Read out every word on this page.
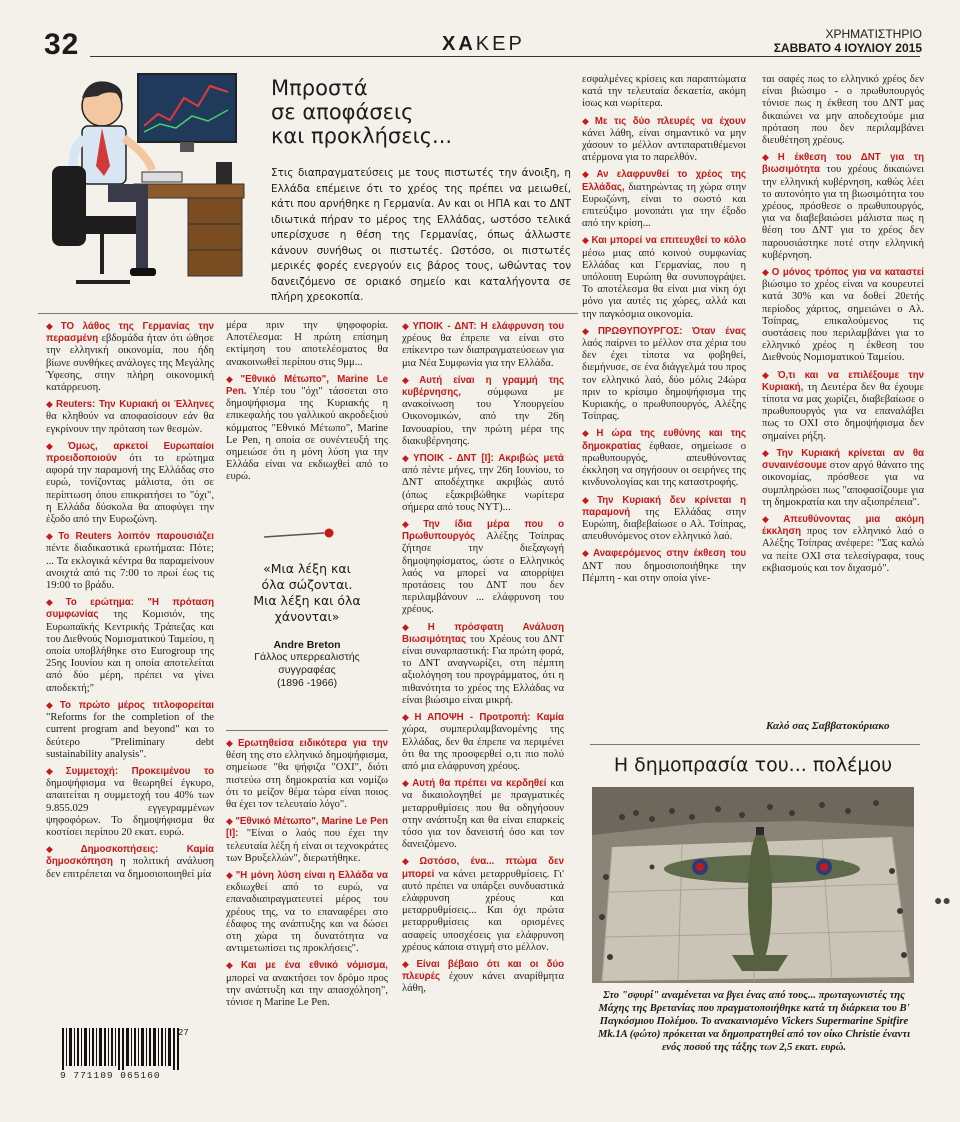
32	ΧΑΚΕΡ	ΧΡΗΜΑΤΙΣΤΗΡΙΟ
ΣΑΒΒΑΤΟ 4 ΙΟΥΛΙΟΥ 2015
Μπροστά
σε αποφάσεις
και προκλήσεις...
Στις διαπραγματεύσεις με τους πιστωτές την άνοιξη, η Ελλάδα επέμεινε ότι το χρέος της πρέπει να μειωθεί, κάτι που αρνήθηκε η Γερμανία. Αν και οι ΗΠΑ και το ΔΝΤ ιδιωτικά πήραν το μέρος της Ελλάδας, ωστόσο τελικά υπερίσχυσε η θέση της Γερμανίας, όπως άλλωστε κάνουν συνήθως οι πιστωτές. Ωστόσο, οι πιστωτές μερικές φορές ενεργούν εις βάρος τους, ωθώντας τον δανειζόμενο σε οριακό σημείο και καταλήγοντα σε πλήρη χρεοκοπία.

◆ ΤΟ λάθος της Γερμανίας την περασμένη εβδομάδα ήταν ότι ώθησε την ελληνική οικονομία, που ήδη βίωνε συνθήκες ανάλογες της Μεγάλης Ύφεσης, στην πλήρη οικονομική κατάρρευση.

◆ Reuters: Την Κυριακή οι Έλληνες θα κληθούν να αποφασίσουν εάν θα εγκρίνουν την πρόταση των θεσμών.

◆ Όμως, αρκετοί Ευρωπαίοι προειδοποιούν ότι το ερώτημα αφορά την παραμονή της Ελλάδας στο ευρώ, τονίζοντας μάλιστα, ότι σε περίπτωση όπου επικρατήσει το "όχι", η Ελλάδα δύσκολα θα αποφύγει την έξοδο από την Ευρωζώνη.

◆ Το Reuters λοιπόν παρουσιάζει πέντε διαδικαστικά ερωτήματα: Πότε; ... Τα εκλογικά κέντρα θα παραμείνουν ανοιχτά από τις 7:00 το πρωί έως τις 19:00 το βράδυ.

◆ Το ερώτημα: "Η πρόταση συμφωνίας της Κομισιόν, της Ευρωπαϊκής Κεντρικής Τράπεζας και του Διεθνούς Νομισματικού Ταμείου, η οποία υποβλήθηκε στο Eurogroup της 25ης Ιουνίου και η οποία αποτελείται από δύο μέρη, πρέπει να γίνει αποδεκτή;"

◆ Το πρώτο μέρος τιτλοφορείται "Reforms for the completion of the current program and beyond" και το δεύτερο "Preliminary debt sustainability analysis".

◆ Συμμετοχή: Προκειμένου το δημοψήφισμα να θεωρηθεί έγκυρο, απαιτείται η συμμετοχή του 40% των 9.855.029 εγγεγραμμένων ψηφοφόρων. Το δημοψήφισμα θα κοστίσει περίπου 20 εκατ. ευρώ.

◆ Δημοσκοπήσεις: Καμία δημοσκόπηση η πολιτική ανάλυση δεν επιτρέπεται να δημοσιοποιηθεί μία

9 771109 065160
27

μέρα πριν την ψηφοφορία. Αποτέλεσμα: Η πρώτη επίσημη εκτίμηση του αποτελέσματος θα ανακοινωθεί περίπου στις 9μμ...

◆ "Εθνικό Μέτωπο", Marine Le Pen. Υπέρ του "όχι" τάσσεται στο δημοψήφισμα της Κυριακής η επικεφαλής του γαλλικού ακροδεξιού κόμματος "Εθνικό Μέτωπο", Marine Le Pen, η οποία σε συνέντευξή της σημειώσε ότι η μόνη λύση για την Ελλάδα είναι να εκδιωχθεί από το ευρώ.

«Μια λέξη και
όλα σώζονται.
Μια λέξη και όλα
χάνονται»
Andre Breton
Γάλλος υπερρεαλιστής
συγγραφέας
(1896 -1966)

◆ Ερωτηθείσα ειδικότερα για την θέση της στο ελληνικό δημοψήφισμα, σημείωσε "θα ψήφιζα "ΟΧΙ", διότι πιστεύω στη δημοκρατία και νομίζω ότι το μείζον θέμα τώρα είναι ποιος θα έχει τον τελευταίο λόγο".

◆ "Εθνικό Μέτωπο", Marine Le Pen [I]: "Είναι ο λαός που έχει την τελευταία λέξη ή είναι οι τεχνοκράτες των Βρυξελλών", διερωτήθηκε.

◆ "Η μόνη λύση είναι η Ελλάδα να εκδιωχθεί από το ευρώ, να επαναδιαπραγματευτεί μέρος του χρέους της, να το επαναφέρει στο έδαφος της ανάπτυξης και να δώσει στη χώρα τη δυνατότητα να αντιμετωπίσει τις προκλήσεις".

◆ Και με ένα εθνικό νόμισμα, μπορεί να ανακτήσει τον δρόμο προς την ανάπτυξη και την απασχόληση", τόνισε η Marine Le Pen.

◆ ΥΠΟΙΚ - ΔΝΤ: Η ελάφρυνση του χρέους θα έπρεπε να είναι στο επίκεντρο των διαπραγματεύσεων για μια Νέα Συμφωνία για την Ελλάδα.

◆ Αυτή είναι η γραμμή της κυβέρνησης, σύμφωνα με ανακοίνωση του Υπουργείου Οικονομικών, από την 26η Ιανουαρίου, την πρώτη μέρα της διακυβέρνησης.

◆ ΥΠΟΙΚ - ΔΝΤ [I]: Ακριβώς μετά από πέντε μήνες, την 26η Ιουνίου, το ΔΝΤ αποδέχτηκε ακριβώς αυτό (όπως εξακριβώθηκε νωρίτερα σήμερα από τους ΝΥΤ)...

◆ Την ίδια μέρα που ο Πρωθυπουργός Αλέξης Τσίπρας ζήτησε την διεξαγωγή δημοψηφίσματος, ώστε ο Ελληνικός λαός να μπορεί να απορρίψει προτάσεις του ΔΝΤ που δεν περιλαμβάνουν ... ελάφρυνση του χρέους.

◆ Η πρόσφατη Ανάλυση Βιωσιμότητας του Χρέους του ΔΝΤ είναι συναρπαστική: Για πρώτη φορά, το ΔΝΤ αναγνωρίζει, στη πέμπτη αξιολόγηση του προγράμματος, ότι η πιθανότητα το χρέος της Ελλάδας να είναι βιώσιμο είναι μικρή.

◆ Η ΑΠΟΨΗ - Προτροπή: Καμία χώρα, συμπεριλαμβανομένης της Ελλάδας, δεν θα έπρεπε να περιμένει ότι θα της προσφερθεί ο,τι πιο πολύ από μια ελάφρυνση χρέους.

◆ Αυτή θα πρέπει να κερδηθεί και να δικαιολογηθεί με πραγματικές μεταρρυθμίσεις που θα οδηγήσουν στην ανάπτυξη και θα είναι επαρκείς τόσο για τον δανειστή όσο και τον δανειζόμενο.

◆ Ωστόσο, ένα... πτώμα δεν μπορεί να κάνει μεταρρυθμίσεις. Γι' αυτό πρέπει να υπάρξει συνδυαστικά ελάφρυνση χρέους και μεταρρυθμίσεις... Και όχι πρώτα μεταρρυθμίσεις και ορισμένες ασαφείς υποσχέσεις για ελάφρυνση χρέους κάποια στιγμή στο μέλλον.

◆ Είναι βέβαιο ότι και οι δύο πλευρές έχουν κάνει αναρίθμητα λάθη,

εσφαλμένες κρίσεις και παραπτώματα κατά την τελευταία δεκαετία, ακόμη ίσως και νωρίτερα.

◆ Με τις δύο πλευρές να έχουν κάνει λάθη, είναι σημαντικό να μην χάσουν το μέλλον αντιπαρατιθέμενοι ατέρμονα για το παρελθόν.

◆ Αν ελαφρυνθεί το χρέος της Ελλάδας, διατηρώντας τη χώρα στην Ευρωζώνη, είναι το σωστό και επιτεύξιμο μονοπάτι για την έξοδο από την κρίση...

◆ Και μπορεί να επιτευχθεί το κόλο μέσω μιας από κοινού συμφωνίας Ελλάδας και Γερμανίας, που η υπόλοιπη Ευρώπη θα συνυπογράψει. Το αποτέλεσμα θα είναι μια νίκη όχι μόνο για αυτές τις χώρες, αλλά και την παγκόσμια οικονομία.

◆ ΠΡΩΘΥΠΟΥΡΓΟΣ: Όταν ένας λαός παίρνει το μέλλον στα χέρια του δεν έχει τίποτα να φοβηθεί, διεμήνυσε, σε ένα διάγγελμά του προς τον ελληνικό λαό, δύο μόλις 24ώρα πριν το κρίσιμο δημοψήφισμα της Κυριακής, ο πρωθυπουργός, Αλέξης Τσίπρας.

◆ Η ώρα της ευθύνης και της δημοκρατίας έφθασε, σημείωσε ο πρωθυπουργός, απευθύνοντας έκκληση να σηγήσουν οι σειρήνες της κινδυνολογίας και της καταστροφής.

◆ Την Κυριακή δεν κρίνεται η παραμονή της Ελλάδας στην Ευρώπη, διαβεβαίωσε ο Αλ. Τσίπρας, απευθυνόμενος στον ελληνικό λαό.

◆ Αναφερόμενος στην έκθεση του ΔΝΤ που δημοσιοποιήθηκε την Πέμπτη - και στην οποία γίνε-

ται σαφές πως το ελληνικό χρέος δεν είναι βιώσιμο - ο πρωθυπουργός τόνισε πως η έκθεση του ΔΝΤ μας δικαιώνει να μην αποδεχτούμε μια πρόταση που δεν περιλαμβάνει διευθέτηση χρέους.

◆ Η έκθεση του ΔΝΤ για τη βιωσιμότητα του χρέους δικαιώνει την ελληνική κυβέρνηση, καθώς λέει το αυτονόητο για τη βιωσιμότητα του χρέους, πρόσθεσε ο πρωθυπουργός, για να διαβεβαιώσει μάλιστα πως η θέση του ΔΝΤ για το χρέος δεν παρουσιάστηκε ποτέ στην ελληνική κυβέρνηση.

◆ Ο μόνος τρόπος για να καταστεί βιώσιμο το χρέος είναι να κουρευτεί κατά 30% και να δοθεί 20ετής περίοδος χάριτος, σημειώνει ο Αλ. Τσίπρας, επικαλούμενος τις συστάσεις που περιλαμβάνει για το ελληνικό χρέος η έκθεση του Διεθνούς Νομισματικού Ταμείου.

◆ Ό,τι και να επιλέξουμε την Κυριακή, τη Δευτέρα δεν θα έχουμε τίποτα να μας χωρίζει, διαβεβαίωσε ο πρωθυπουργός για να επαναλάβει πως το ΟΧΙ στο δημοψήφισμα δεν σημαίνει ρήξη.

◆ Την Κυριακή κρίνεται αν θα συναινέσουμε στον αργό θάνατο της οικονομίας, πρόσθεσε για να συμπληρώσει πως "αποφασίζουμε για τη δημοκρατία και την αξιοπρέπεια".

◆ Απευθύνοντας μια ακόμη έκκληση προς τον ελληνικό λαό ο Αλέξης Τσίπρας ανέφερε: "Σας καλώ να πείτε ΟΧΙ στα τελεσίγραφα, τους εκβιασμούς και τον διχασμό".

Καλό σας Σαββατοκύριακο
Η δημοπρασία του... πολέμου
Στο "σφυρί" αναμένεται να βγει ένας από τους... πρωταγωνιστές της Μάχης της Βρετανίας που πραγματοποιήθηκε κατά τη διάρκεια του Β' Παγκόσμιου Πολέμου. Το ανακαινισμένο Vickers Supermarine Spitfire Mk.1A (φώτο) πρόκειται να δημοπρατηθεί από τον οίκο Christie έναντι ενός ποσού της τάξης των 2,5 εκατ. ευρώ.
●●
